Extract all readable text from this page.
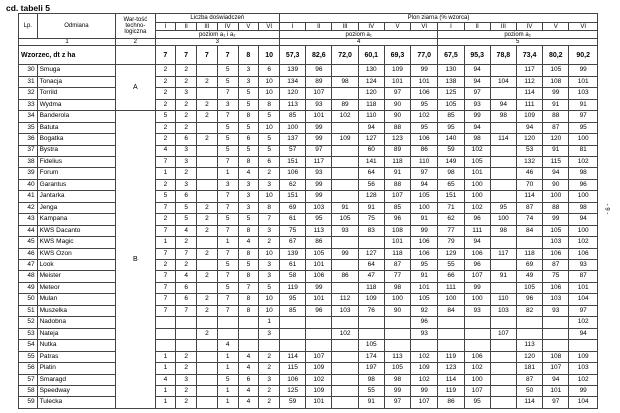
cd. tabeli 5
- 9 -
Lp.	Odmiana	War-tość techno-logiczna	Liczba doświadczeń						Plon ziarna (% wzorca)											
			I	II	III	IV	V	VI	I	II	III	IV	V	VI	I	II	III	IV	V	VI
			poziom a₁ i a₂						poziom a₁						poziom a₂					
1		2	3						4						5					
Wzorzec, dt z ha			7	7	7	7	8	10	57,3	82,6	72,0	60,1	69,3	77,0	67,5	95,3	78,8	73,4	80,2	90,2
30	Smuga	A	2	2		5	3	6	139	96		130	109	99	130	94		117	105	99
31	Tonacja		2	2	2	5	3	10	134	89	98	124	101	101	138	94	104	112	108	101
32	Torrild		2	3		7	5	10	120	107		120	97	106	125	97		114	99	103
33	Wydma		2	2	2	3	5	8	113	93	89	118	90	95	105	93	94	111	91	91
34	Banderola	B	5	2	2	7	8	5	85	101	102	110	90	102	85	99	98	109	88	97
35	Batuta		2	2		5	5	10	100	99		94	88	95	95	94		94	87	95
36	Bogatka		2	6	2	5	6	5	137	99	109	127	123	106	140	98	114	120	120	100
37	Bystra		4	3		5	5	5	57	97		60	89	86	59	102		53	91	81
38	Fidelius		7	3		7	8	6	151	117		141	118	110	149	105		132	115	102
39	Forum		1	2		1	4	2	106	93		64	91	97	98	101		46	94	98
40	Garantus		2	3		3	3	3	62	99		56	88	94	65	100		70	90	96
41	Jantarka		5	6		7	3	10	151	99		128	107	105	151	100		114	100	100
42	Jenga		7	5	2	7	3	8	69	103	91	91	85	100	71	102	95	87	88	98
43	Kampana		2	5	2	5	5	7	61	95	105	75	96	91	62	96	100	74	99	94
44	KWS Dacanto		7	4	2	7	8	3	75	113	93	83	108	99	77	111	98	84	105	100
45	KWS Magic		1	2		1	4	2	67	86			101	106	79	94			103	102
46	KWS Ozon		7	7	2	7	8	10	139	105	99	127	118	106	129	106	117	118	106	106
47	Look		2	2		5	5	3	61	101		64	87	95	55	96		69	87	93
48	Meister		7	4	2	7	8	3	58	106	86	47	77	91	66	107	91	49	75	87
49	Meteor		7	6		5	7	5	119	99		118	98	101	111	99		105	106	101
50	Mulan		7	6	2	7	8	10	95	101	112	109	100	105	100	100	110	96	103	104
51	Muszelka		7	7	2	7	8	10	85	96	103	76	90	92	84	93	103	82	93	97
52	Nadobna							1						96						102
53	Nateja				2			3			102			93			107			94
54	Nutka					4						105						113		
55	Patras		1	2		1	4	2	114	107		174	113	102	119	106		120	108	109
56	Platin		1	2		1	4	2	115	109		197	105	109	123	102		181	107	103
57	Smaragd		4	3		5	6	3	106	102		98	98	102	114	100		87	94	102
58	Speedway		1	2		1	4	2	125	109		55	99	99	119	107		50	101	99
59	Tulecka		1	2		1	4	2	59	101		91	97	107	86	95		114	97	104
